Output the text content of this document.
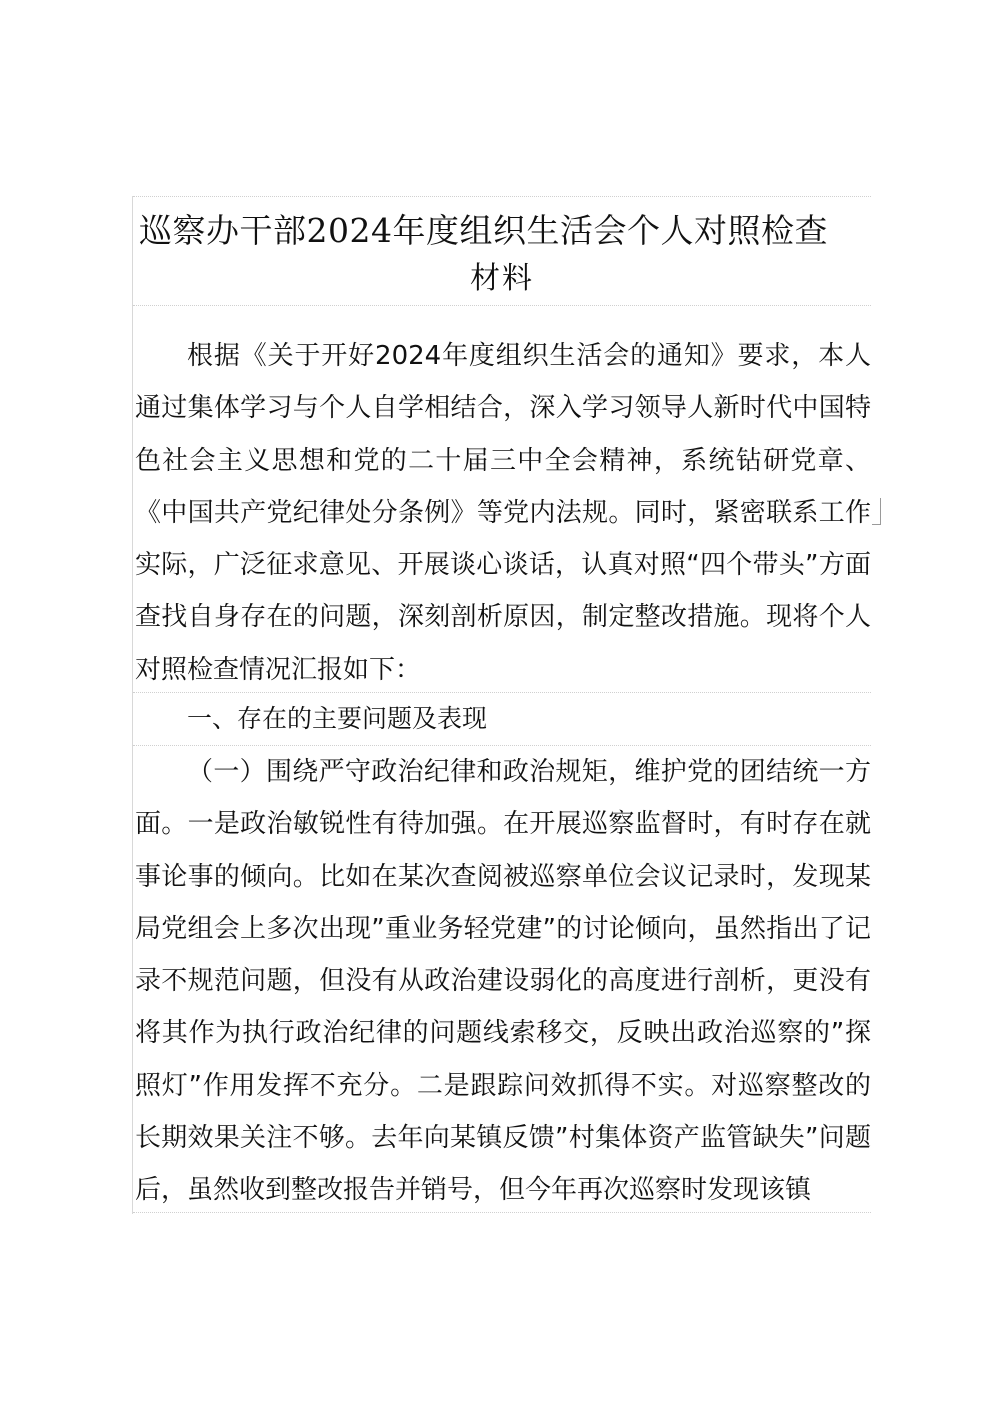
巡察办干部2024年度组织生活会个人对照检查
材料
根据《关于开好2024年度组织生活会的通知》要求，本人通过集体学习与个人自学相结合，深入学习领导人新时代中国特色社会主义思想和党的二十届三中全会精神，系统钻研党章、《中国共产党纪律处分条例》等党内法规。同时，紧密联系工作实际，广泛征求意见、开展谈心谈话，认真对照“四个带头”方面查找自身存在的问题，深刻剖析原因，制定整改措施。现将个人对照检查情况汇报如下：
一、存在的主要问题及表现
（一）围绕严守政治纪律和政治规矩，维护党的团结统一方面。一是政治敏锐性有待加强。在开展巡察监督时，有时存在就事论事的倾向。比如在某次查阅被巡察单位会议记录时，发现某局党组会上多次出现”重业务轻党建”的讨论倾向，虽然指出了记录不规范问题，但没有从政治建设弱化的高度进行剖析，更没有将其作为执行政治纪律的问题线索移交，反映出政治巡察的”探照灯”作用发挥不充分。二是跟踪问效抓得不实。对巡察整改的长期效果关注不够。去年向某镇反馈”村集体资产监管缺失”问题后，虽然收到整改报告并销号，但今年再次巡察时发现该镇
